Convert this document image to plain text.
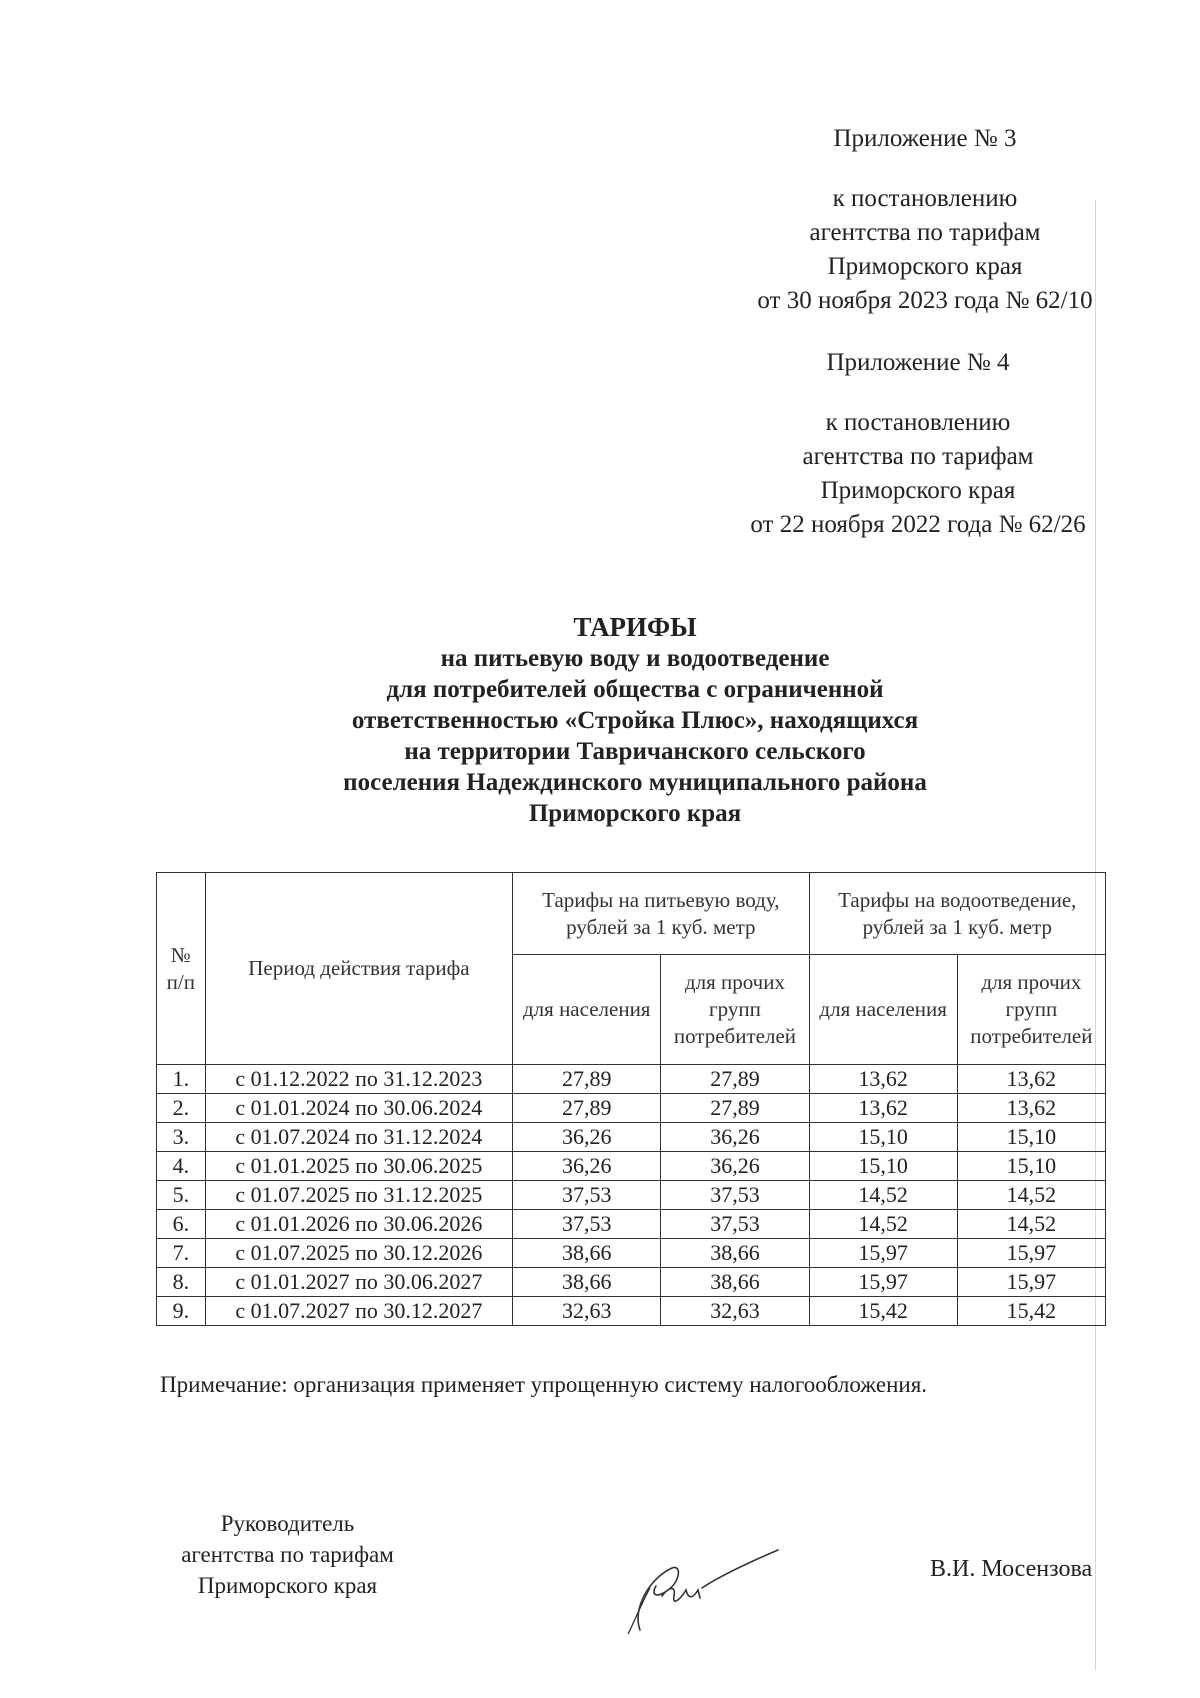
Приложение № 3
к постановлению
агентства по тарифам
Приморского края
от 30 ноября 2023 года № 62/10
Приложение № 4
к постановлению
агентства по тарифам
Приморского края
от 22 ноября 2022 года № 62/26
ТАРИФЫ
на питьевую воду и водоотведение
для потребителей общества с ограниченной
ответственностью «Стройка Плюс», находящихся
на территории Тавричанского сельского
поселения Надеждинского муниципального района
Приморского края
№ п/п	Период действия тарифа	Тарифы на питьевую воду, рублей за 1 куб. метр		Тарифы на водоотведение, рублей за 1 куб. метр	
		для населения	для прочих групп потребителей	для населения	для прочих групп потребителей
1.	с 01.12.2022 по 31.12.2023	27,89	27,89	13,62	13,62
2.	с 01.01.2024 по 30.06.2024	27,89	27,89	13,62	13,62
3.	с 01.07.2024 по 31.12.2024	36,26	36,26	15,10	15,10
4.	с 01.01.2025 по 30.06.2025	36,26	36,26	15,10	15,10
5.	с 01.07.2025 по 31.12.2025	37,53	37,53	14,52	14,52
6.	с 01.01.2026 по 30.06.2026	37,53	37,53	14,52	14,52
7.	с 01.07.2025 по 30.12.2026	38,66	38,66	15,97	15,97
8.	с 01.01.2027 по 30.06.2027	38,66	38,66	15,97	15,97
9.	с 01.07.2027 по 30.12.2027	32,63	32,63	15,42	15,42
Примечание: организация применяет упрощенную систему налогообложения.
Руководитель
агентства по тарифам
Приморского края
В.И. Мосензова
